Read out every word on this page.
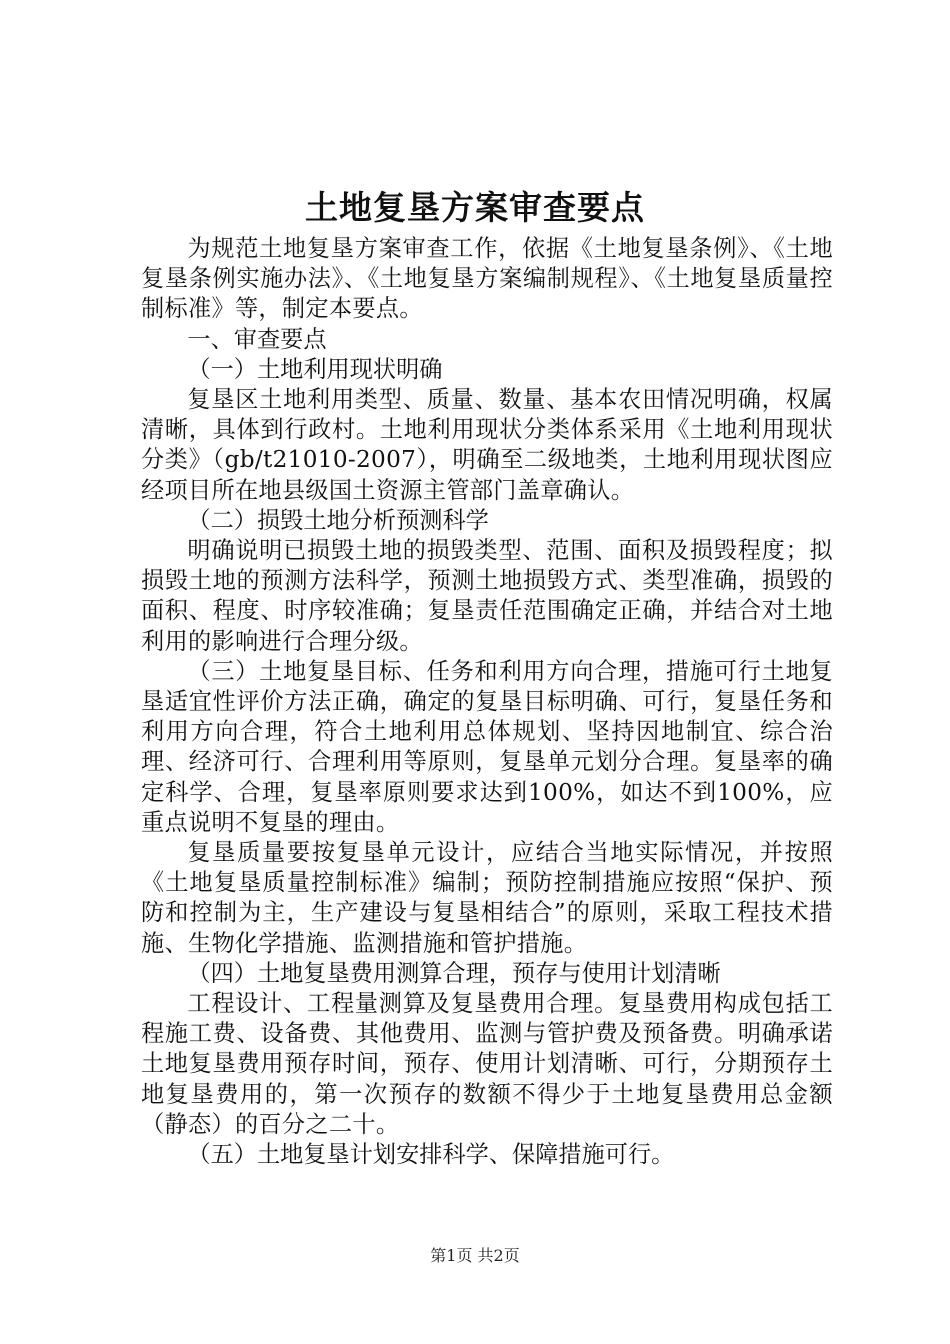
土地复垦方案审查要点

为规范土地复垦方案审查工作，依据《土地复垦条例》、《土地复垦条例实施办法》、《土地复垦方案编制规程》、《土地复垦质量控制标准》等，制定本要点。

一、审查要点

（一）土地利用现状明确

复垦区土地利用类型、质量、数量、基本农田情况明确，权属清晰，具体到行政村。土地利用现状分类体系采用《土地利用现状分类》（gb/t21010-2007），明确至二级地类，土地利用现状图应经项目所在地县级国土资源主管部门盖章确认。

（二）损毁土地分析预测科学

明确说明已损毁土地的损毁类型、范围、面积及损毁程度；拟损毁土地的预测方法科学，预测土地损毁方式、类型准确，损毁的面积、程度、时序较准确；复垦责任范围确定正确，并结合对土地利用的影响进行合理分级。

（三）土地复垦目标、任务和利用方向合理，措施可行土地复垦适宜性评价方法正确，确定的复垦目标明确、可行，复垦任务和利用方向合理，符合土地利用总体规划、坚持因地制宜、综合治理、经济可行、合理利用等原则，复垦单元划分合理。复垦率的确定科学、合理，复垦率原则要求达到100%，如达不到100%，应重点说明不复垦的理由。

复垦质量要按复垦单元设计，应结合当地实际情况，并按照《土地复垦质量控制标准》编制；预防控制措施应按照“保护、预防和控制为主，生产建设与复垦相结合”的原则，采取工程技术措施、生物化学措施、监测措施和管护措施。

（四）土地复垦费用测算合理，预存与使用计划清晰

工程设计、工程量测算及复垦费用合理。复垦费用构成包括工程施工费、设备费、其他费用、监测与管护费及预备费。明确承诺土地复垦费用预存时间，预存、使用计划清晰、可行，分期预存土地复垦费用的，第一次预存的数额不得少于土地复垦费用总金额（静态）的百分之二十。

（五）土地复垦计划安排科学、保障措施可行。

第1页 共2页
